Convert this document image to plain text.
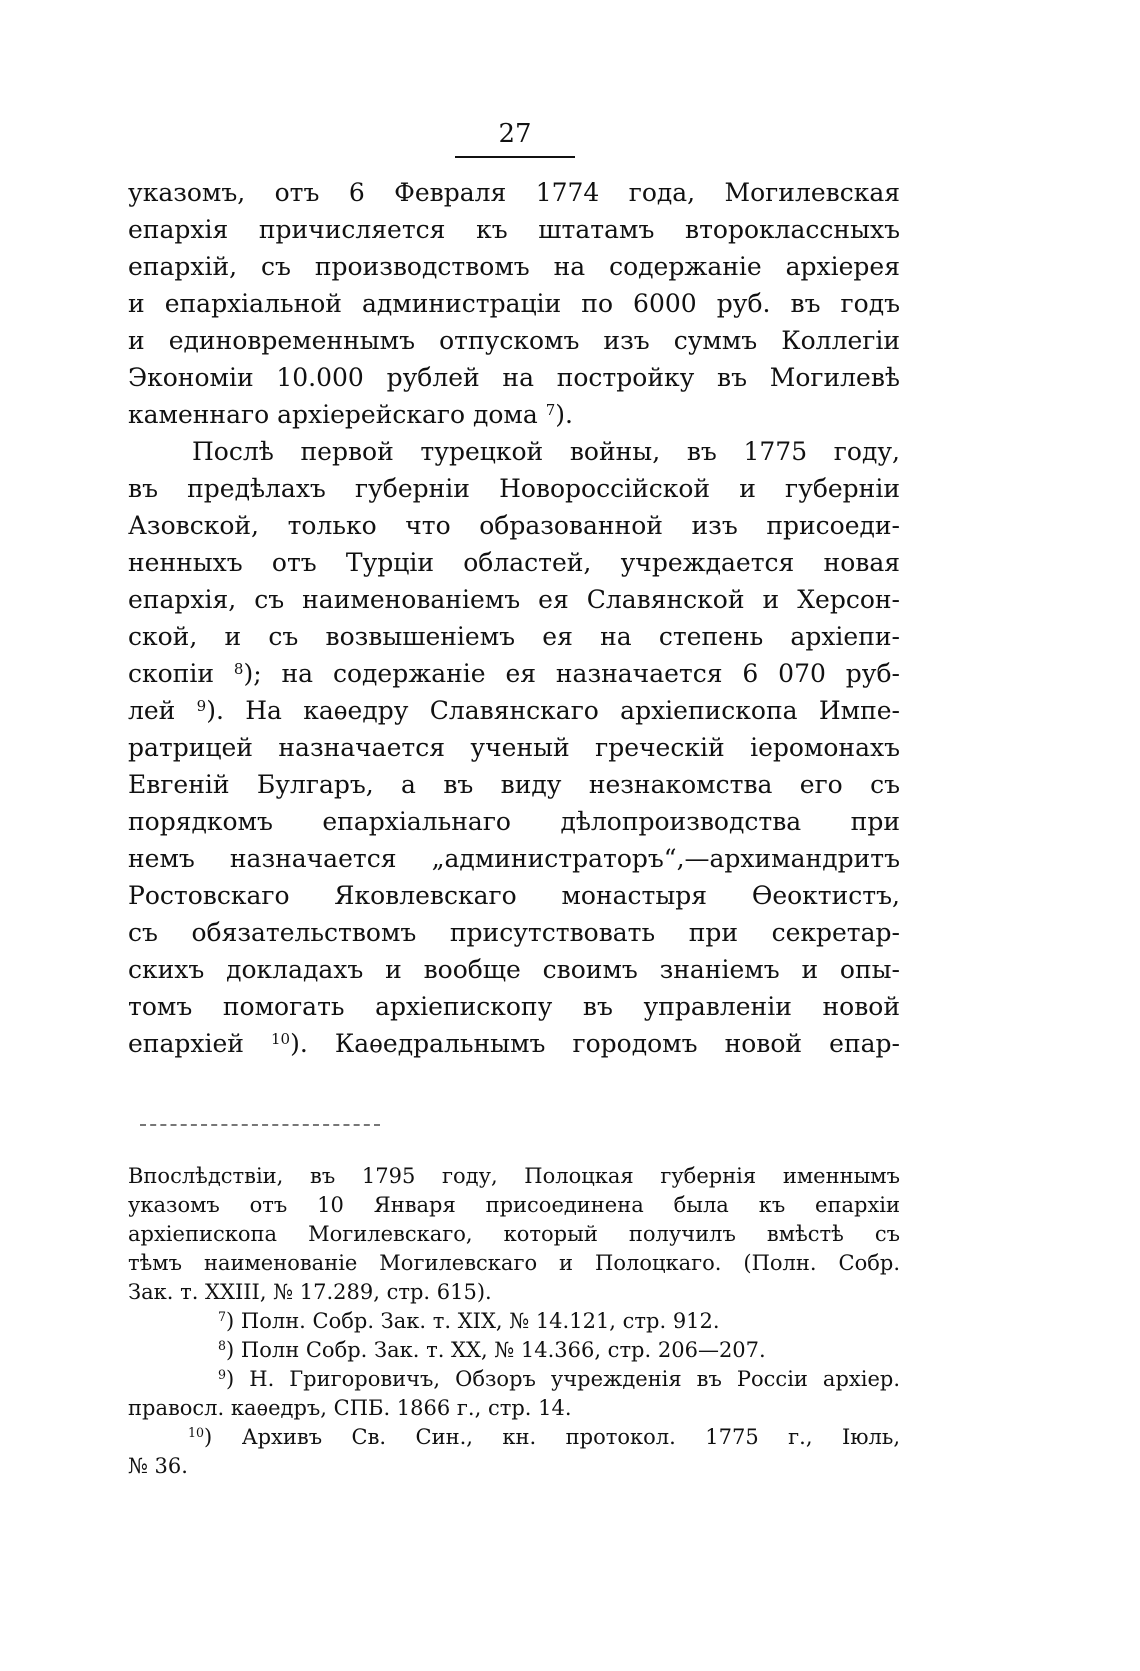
27
указомъ, отъ 6 Февраля 1774 года, Могилевская
епархія причисляется къ штатамъ второклассныхъ
епархій, съ производствомъ на содержаніе архіерея
и епархіальной администраціи по 6000 руб. въ годъ
и единовременнымъ отпускомъ изъ суммъ Коллегіи
Экономіи 10.000 рублей на постройку въ Могилевѣ
каменнаго архіерейскаго дома $^7$).
Послѣ первой турецкой войны, въ 1775 году,
въ предѣлахъ губерніи Новороссійской и губерніи
Азовской, только что образованной изъ присоеди-
ненныхъ отъ Турціи областей, учреждается новая
епархія, съ наименованіемъ ея Славянской и Херсон-
ской, и съ возвышеніемъ ея на степень архіепи-
скопіи $^8$); на содержаніе ея назначается 6 070 руб-
лей $^9$). На каѳедру Славянскаго архіепископа Импе-
ратрицей назначается ученый греческій іеромонахъ
Евгеній Булгаръ, а въ виду незнакомства его съ
порядкомъ епархіальнаго дѣлопроизводства при
немъ назначается „администраторъ“,—архимандритъ
Ростовскаго Яковлевскаго монастыря Ѳеоктистъ,
съ обязательствомъ присутствовать при секретар-
скихъ докладахъ и вообще своимъ знаніемъ и опы-
томъ помогать архіепископу въ управленіи новой
епархіей $^{10}$). Каѳедральнымъ городомъ новой епар-
Впослѣдствіи, въ 1795 году, Полоцкая губернія именнымъ
указомъ отъ 10 Января присоединена была къ епархіи
архіепископа Могилевскаго, который получилъ вмѣстѣ съ
тѣмъ наименованіе Могилевскаго и Полоцкаго. (Полн. Собр.
Зак. т. XXIII, № 17.289, стр. 615).
$^7$) Полн. Собр. Зак. т. XIX, № 14.121, стр. 912.
$^8$) Полн Собр. Зак. т. XX, № 14.366, стр. 206—207.
$^9$) Н. Григоровичъ, Обзоръ учрежденія въ Россіи архіер.
правосл. каѳедръ, СПБ. 1866 г., стр. 14.
$^{10}$) Архивъ Св. Син., кн. протокол. 1775 г., Іюль,
№ 36.
